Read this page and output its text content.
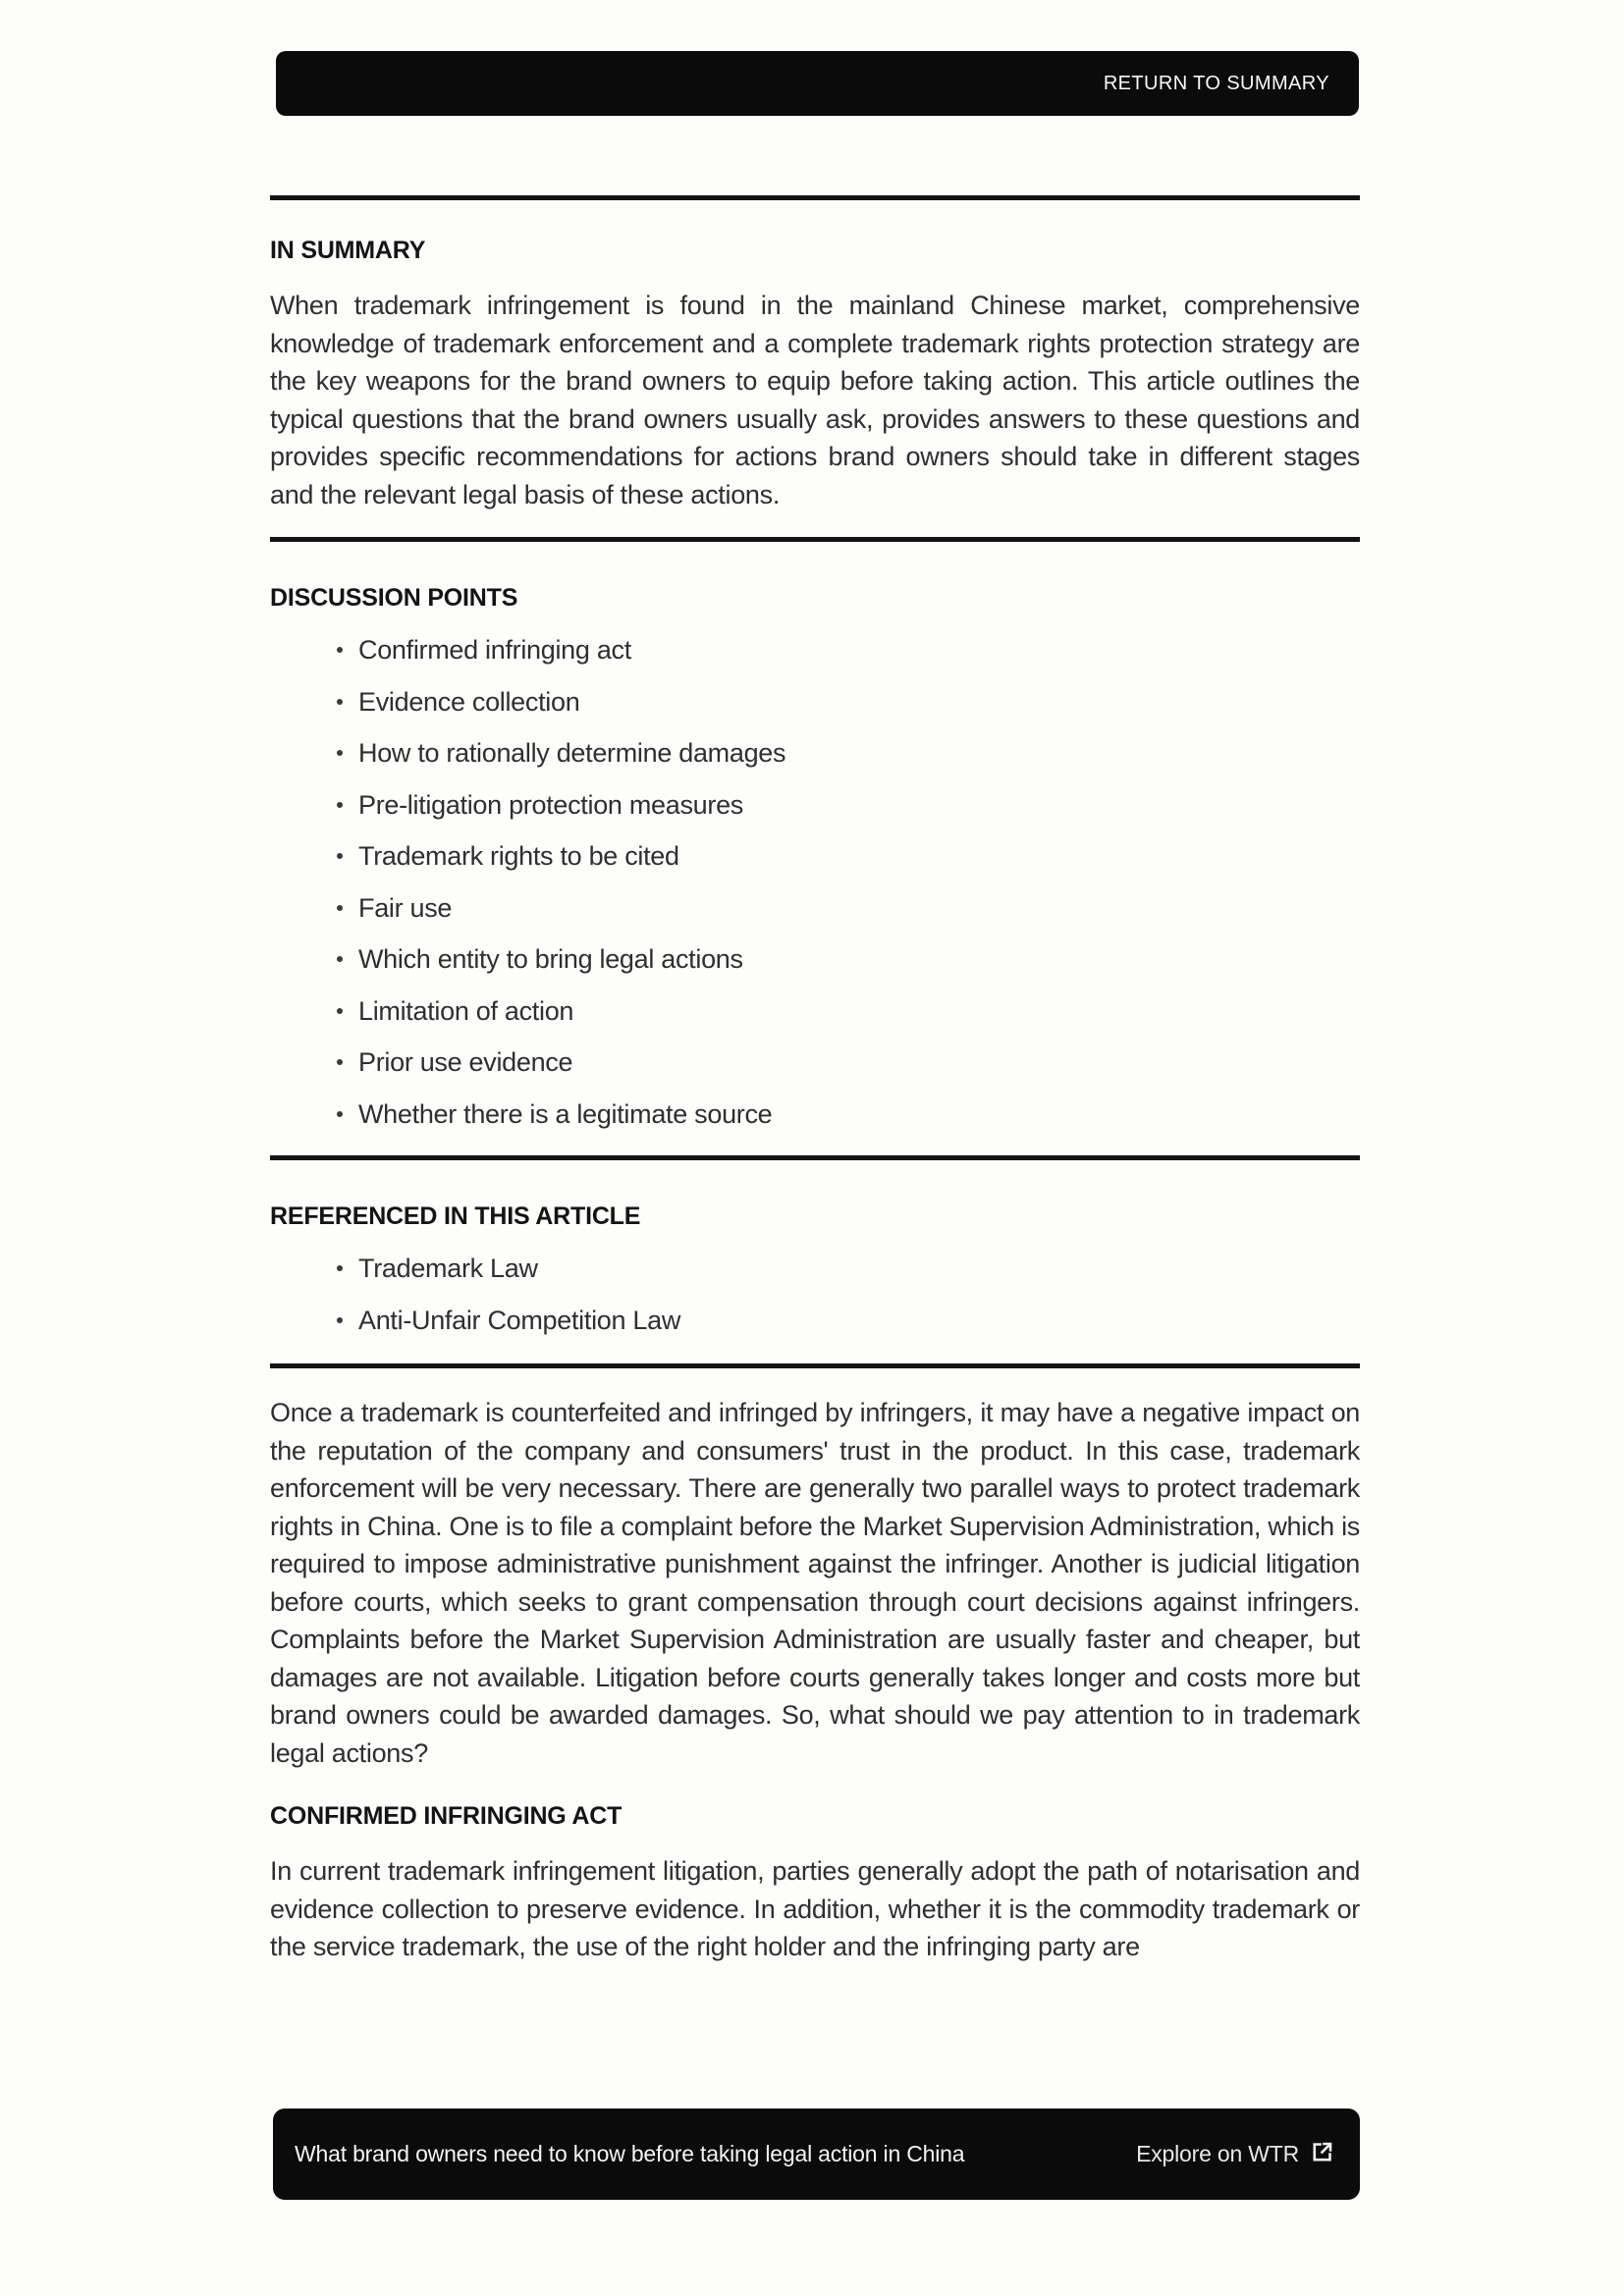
RETURN TO SUMMARY
IN SUMMARY

When trademark infringement is found in the mainland Chinese market, comprehensive knowledge of trademark enforcement and a complete trademark rights protection strategy are the key weapons for the brand owners to equip before taking action. This article outlines the typical questions that the brand owners usually ask, provides answers to these questions and provides specific recommendations for actions brand owners should take in different stages and the relevant legal basis of these actions.

DISCUSSION POINTS
Confirmed infringing act
Evidence collection
How to rationally determine damages
Pre-litigation protection measures
Trademark rights to be cited
Fair use
Which entity to bring legal actions
Limitation of action
Prior use evidence
Whether there is a legitimate source
REFERENCED IN THIS ARTICLE
Trademark Law
Anti-Unfair Competition Law

Once a trademark is counterfeited and infringed by infringers, it may have a negative impact on the reputation of the company and consumers' trust in the product. In this case, trademark enforcement will be very necessary. There are generally two parallel ways to protect trademark rights in China. One is to file a complaint before the Market Supervision Administration, which is required to impose administrative punishment against the infringer. Another is judicial litigation before courts, which seeks to grant compensation through court decisions against infringers. Complaints before the Market Supervision Administration are usually faster and cheaper, but damages are not available. Litigation before courts generally takes longer and costs more but brand owners could be awarded damages. So, what should we pay attention to in trademark legal actions?

CONFIRMED INFRINGING ACT

In current trademark infringement litigation, parties generally adopt the path of notarisation and evidence collection to preserve evidence. In addition, whether it is the commodity trademark or the service trademark, the use of the right holder and the infringing party are

What brand owners need to know before taking legal action in China	Explore on WTR
